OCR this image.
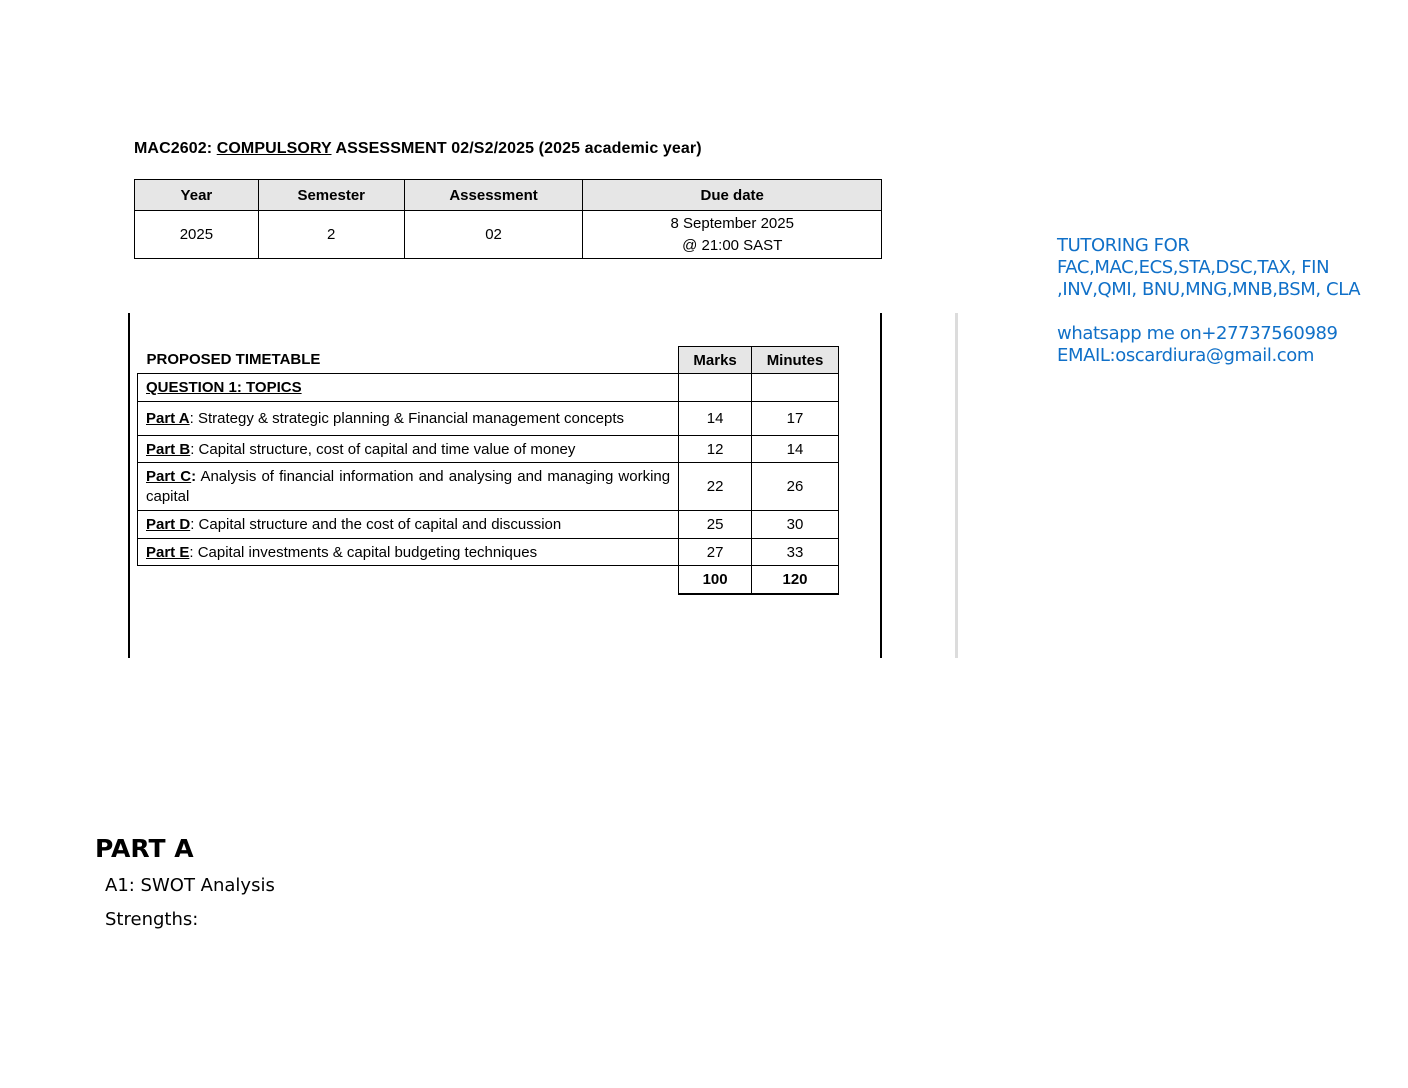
MAC2602: COMPULSORY ASSESSMENT 02/S2/2025 (2025 academic year)
Year	Semester	Assessment	Due date
2025	2	02	8 September 2025
@ 21:00 SAST
PROPOSED TIMETABLE	Marks	Minutes
QUESTION 1: TOPICS		
Part A: Strategy & strategic planning & Financial management concepts	14	17
Part B: Capital structure, cost of capital and time value of money	12	14
Part C: Analysis of financial information and analysing and managing working capital	22	26
Part D: Capital structure and the cost of capital and discussion	25	30
Part E: Capital investments & capital budgeting techniques	27	33
	100	120
TUTORING FOR
FAC,MAC,ECS,STA,DSC,TAX, FIN
,INV,QMI, BNU,MNG,MNB,BSM, CLA
whatsapp me on+27737560989
EMAIL:oscardiura@gmail.com
PART A
A1: SWOT Analysis
Strengths:
